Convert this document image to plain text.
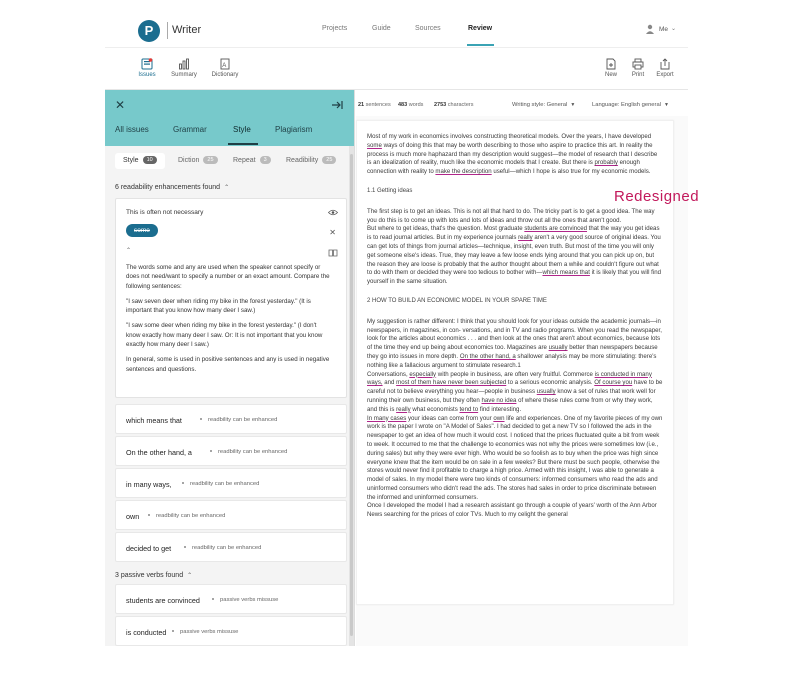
P	Writer	Projects	Guide	Sources	Review	Me ⌄
Issues	Summary
A
Dictionary	New	Print	Export
✕
All issues	Grammar	Style	Plagiarism
Style 10	Diction 25	Repeat 3	Readibility 25
6 readability enhancements found ⌃
This is often not necessary
some	✕
⌃

The words some and any are used when the speaker cannot specify or does not need/want to specify a number or an exact amount. Compare the following sentences:

"I saw seven deer when riding my bike in the forest yesterday." (It is important that you know how many deer I saw.)

"I saw some deer when riding my bike in the forest yesterday." (I don't know exactly how many deer I saw. Or: It is not important that you know exactly how many deer I saw.)

In general, some is used in positive sentences and any is used in negative sentences and questions.

which means that	readbility can be enhanced
On the other hand, a	readbility can be enhanced
in many ways,	readbility can be enhanced
own	readbility can be enhanced
decided to get	readbility can be enhanced
3 passive verbs found ⌃
students are convinced	passive verbs missuse
is conducted	passive verbs missuse
21 sentences 483 words 2753 characters	Writing style: General ▼	Language: English general ▼
Most of my work in economics involves constructing theoretical models. Over the years, I have developed some ways of doing this that may be worth describing to those who aspire to practice this art. In reality the process is much more haphazard than my description would suggest—the model of research that I describe is an idealization of reality, much like the economic models that I create. But there is probably enough connection with reality to make the description useful—which I hope is also true for my economic models.
1.1 Getting ideas
The first step is to get an ideas. This is not all that hard to do. The tricky part is to get a good idea. The way you do this is to come up with lots and lots of ideas and throw out all the ones that aren't good.
But where to get ideas, that's the question. Most graduate students are convinced that the way you get ideas is to read journal articles. But in my experience journals really aren't a very good source of original ideas. You can get lots of things from journal articles—technique, insight, even truth. But most of the time you will only get someone else's ideas. True, they may leave a few loose ends lying around that you can pick up on, but the reason they are loose is probably that the author thought about them a while and couldn't figure out what to do with them or decided they were too tedious to bother with—which means that it is likely that you will find yourself in the same situation.
2 HOW TO BUILD AN ECONOMIC MODEL IN YOUR SPARE TIME
My suggestion is rather different: I think that you should look for your ideas outside the academic journals—in newspapers, in magazines, in con- versations, and in TV and radio programs. When you read the newspaper, look for the articles about economics . . . and then look at the ones that aren't about economics, because lots of the time they end up being about economics too. Magazines are usually better than newspapers because they go into issues in more depth. On the other hand, a shallower analysis may be more stimulating: there's nothing like a fallacious argument to stimulate research.1
Conversations, especially with people in business, are often very fruitful. Commerce is conducted in many ways, and most of them have never been subjected to a serious economic analysis. Of course you have to be careful not to believe everything you hear—people in business usually know a set of rules that work well for running their own business, but they often have no idea of where these rules come from or why they work, and this is really what economists tend to find interesting.
In many cases your ideas can come from your own life and experiences. One of my favorite pieces of my own work is the paper I wrote on "A Model of Sales". I had decided to get a new TV so I followed the ads in the newspaper to get an idea of how much it would cost. I noticed that the prices fluctuated quite a bit from week to week. It occurred to me that the challenge to economics was not why the prices were sometimes low (i.e., during sales) but why they were ever high. Who would be so foolish as to buy when the price was high since everyone knew that the item would be on sale in a few weeks? But there must be such people, otherwise the stores would never find it profitable to charge a high price. Armed with this insight, I was able to generate a model of sales. In my model there were two kinds of consumers: informed consumers who read the ads and uninformed consumers who didn't read the ads. The stores had sales in order to price discriminate between the informed and uninformed consumers.
Once I developed the model I had a research assistant go through a couple of years' worth of the Ann Arbor News searching for the prices of color TVs. Much to my celight the general
Redesigned
